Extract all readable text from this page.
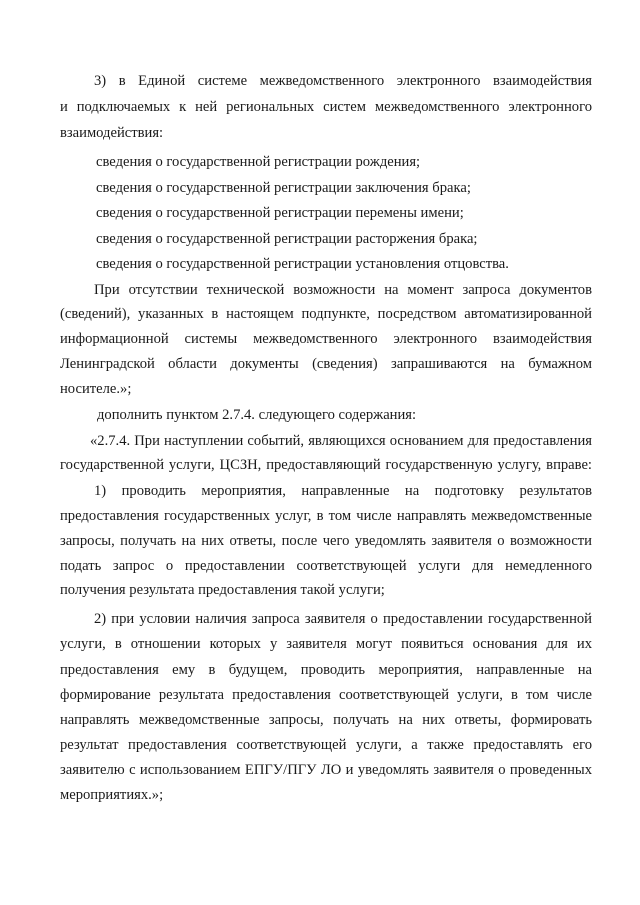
3) в Единой системе межведомственного электронного взаимодействия
и подключаемых к ней региональных систем межведомственного электронного
взаимодействия:
сведения о государственной регистрации рождения;
сведения о государственной регистрации заключения брака;
сведения о государственной регистрации перемены имени;
сведения о государственной регистрации расторжения брака;
сведения о государственной регистрации установления отцовства.
При отсутствии технической возможности на момент запроса документов
(сведений), указанных в настоящем подпункте, посредством автоматизированной
информационной системы межведомственного электронного взаимодействия
Ленинградской области документы (сведения) запрашиваются на бумажном
носителе.»;
дополнить пунктом 2.7.4. следующего содержания:
«2.7.4. При наступлении событий, являющихся основанием для предоставления
государственной услуги, ЦСЗН, предоставляющий государственную услугу, вправе:
1) проводить мероприятия, направленные на подготовку результатов
предоставления государственных услуг, в том числе направлять межведомственные
запросы, получать на них ответы, после чего уведомлять заявителя о возможности
подать запрос о предоставлении соответствующей услуги для немедленного
получения результата предоставления такой услуги;
2) при условии наличия запроса заявителя о предоставлении государственной
услуги, в отношении которых у заявителя могут появиться основания для их
предоставления ему в будущем, проводить мероприятия, направленные на
формирование результата предоставления соответствующей услуги, в том числе
направлять межведомственные запросы, получать на них ответы, формировать
результат предоставления соответствующей услуги, а также предоставлять его
заявителю с использованием ЕПГУ/ПГУ ЛО и уведомлять заявителя о проведенных
мероприятиях.»;
